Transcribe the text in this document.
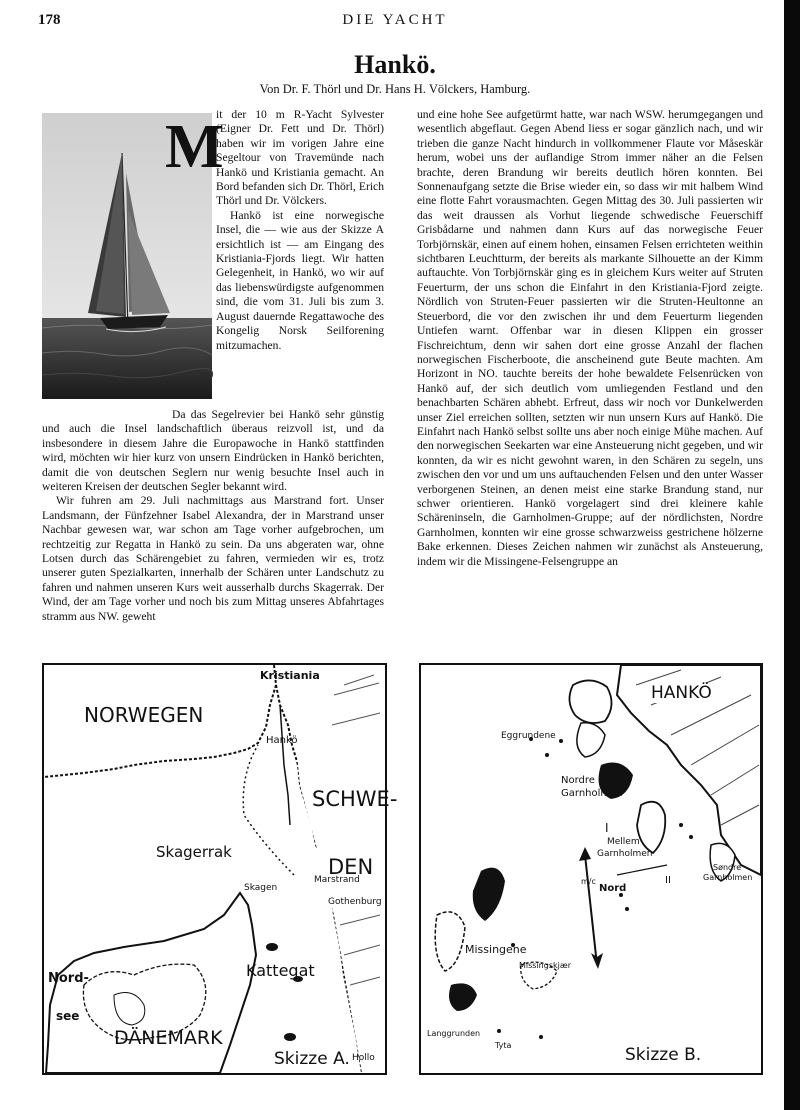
178	DIE YACHT
Hankö.
Von Dr. F. Thörl und Dr. Hans H. Völckers, Hamburg.
M

it der 10 m R-Yacht Sylvester (Eigner Dr. Fett und Dr. Thörl) haben wir im vorigen Jahre eine Segeltour von Travemünde nach Hankö und Kristiania gemacht. An Bord befanden sich Dr. Thörl, Erich Thörl und Dr. Völckers.

Hankö ist eine norwegische Insel, die — wie aus der Skizze A ersichtlich ist — am Eingang des Kristiania-Fjords liegt. Wir hatten Gelegenheit, in Hankö, wo wir auf das liebenswürdigste aufgenommen sind, die vom 31. Juli bis zum 3. August dauernde Regattawoche des Kongelig Norsk Seilforening mitzumachen.

Da das Segelrevier bei Hankö sehr günstig und auch die Insel landschaftlich überaus reizvoll ist, und da insbesondere in diesem Jahre die Europawoche in Hankö stattfinden wird, möchten wir hier kurz von unsern Eindrücken in Hankö berichten, damit die von deutschen Seglern nur wenig besuchte Insel auch in weiteren Kreisen der deutschen Segler bekannt wird.

Wir fuhren am 29. Juli nachmittags aus Marstrand fort. Unser Landsmann, der Fünfzehner Isabel Alexandra, der in Marstrand unser Nachbar gewesen war, war schon am Tage vorher aufgebrochen, um rechtzeitig zur Regatta in Hankö zu sein. Da uns abgeraten war, ohne Lotsen durch das Schärengebiet zu fahren, vermieden wir es, trotz unserer guten Spezialkarten, innerhalb der Schären unter Landschutz zu fahren und nahmen unseren Kurs weit ausserhalb durchs Skagerrak. Der Wind, der am Tage vorher und noch bis zum Mittag unseres Abfahrtages stramm aus NW. geweht

und eine hohe See aufgetürmt hatte, war nach WSW. herumgegangen und wesentlich abgeflaut. Gegen Abend liess er sogar gänzlich nach, und wir trieben die ganze Nacht hindurch in vollkommener Flaute vor Måseskär herum, wobei uns der auflandige Strom immer näher an die Felsen brachte, deren Brandung wir bereits deutlich hören konnten. Bei Sonnenaufgang setzte die Brise wieder ein, so dass wir mit halbem Wind eine flotte Fahrt vorausmachten. Gegen Mittag des 30. Juli passierten wir das weit draussen als Vorhut liegende schwedische Feuerschiff Grisbådarne und nahmen dann Kurs auf das norwegische Feuer Torbjörnskär, einen auf einem hohen, einsamen Felsen errichteten weithin sichtbaren Leuchtturm, der bereits als markante Silhouette an der Kimm auftauchte. Von Torbjörnskär ging es in gleichem Kurs weiter auf Struten Feuerturm, der uns schon die Einfahrt in den Kristiania-Fjord zeigte. Nördlich von Struten-Feuer passierten wir die Struten-Heultonne an Steuerbord, die vor den zwischen ihr und dem Feuerturm liegenden Untiefen warnt. Offenbar war in diesen Klippen ein grosser Fischreichtum, denn wir sahen dort eine grosse Anzahl der flachen norwegischen Fischerboote, die anscheinend gute Beute machten. Am Horizont in NO. tauchte bereits der hohe bewaldete Felsenrücken von Hankö auf, der sich deutlich vom umliegenden Festland und den benachbarten Schären abhebt. Erfreut, dass wir noch vor Dunkelwerden unser Ziel erreichen sollten, setzten wir nun unsern Kurs auf Hankö. Die Einfahrt nach Hankö selbst sollte uns aber noch einige Mühe machen. Auf den norwegischen Seekarten war eine Ansteuerung nicht gegeben, und wir konnten, da wir es nicht gewohnt waren, in den Schären zu segeln, uns zwischen den vor und um uns auftauchenden Felsen und den unter Wasser verborgenen Steinen, an denen meist eine starke Brandung stand, nur schwer orientieren. Hankö vorgelagert sind drei kleinere kahle Schäreninseln, die Garnholmen-Gruppe; auf der nördlichsten, Nordre Garnholmen, konnten wir eine grosse schwarzweiss gestrichene hölzerne Bake erkennen. Dieses Zeichen nahmen wir zunächst als Ansteuerung, indem wir die Missingene-Felsengruppe an

Kristiania
NORWEGEN
Hankö
SCHWE-
DEN
Skagerrak
Marstrand
Gothenburg
Skagen
Kattegat
Nord-
see
DÄNEMARK
Skizze A. Hollo
HANKÖ
Eggrundene
Nordre
Garnholmen
I
Mellem
Garnholmen
Søndre
Garnholmen
II
m/c
Nord
Missingene
Missingskjær
Langgrunden
Tyta	Skizze B.
